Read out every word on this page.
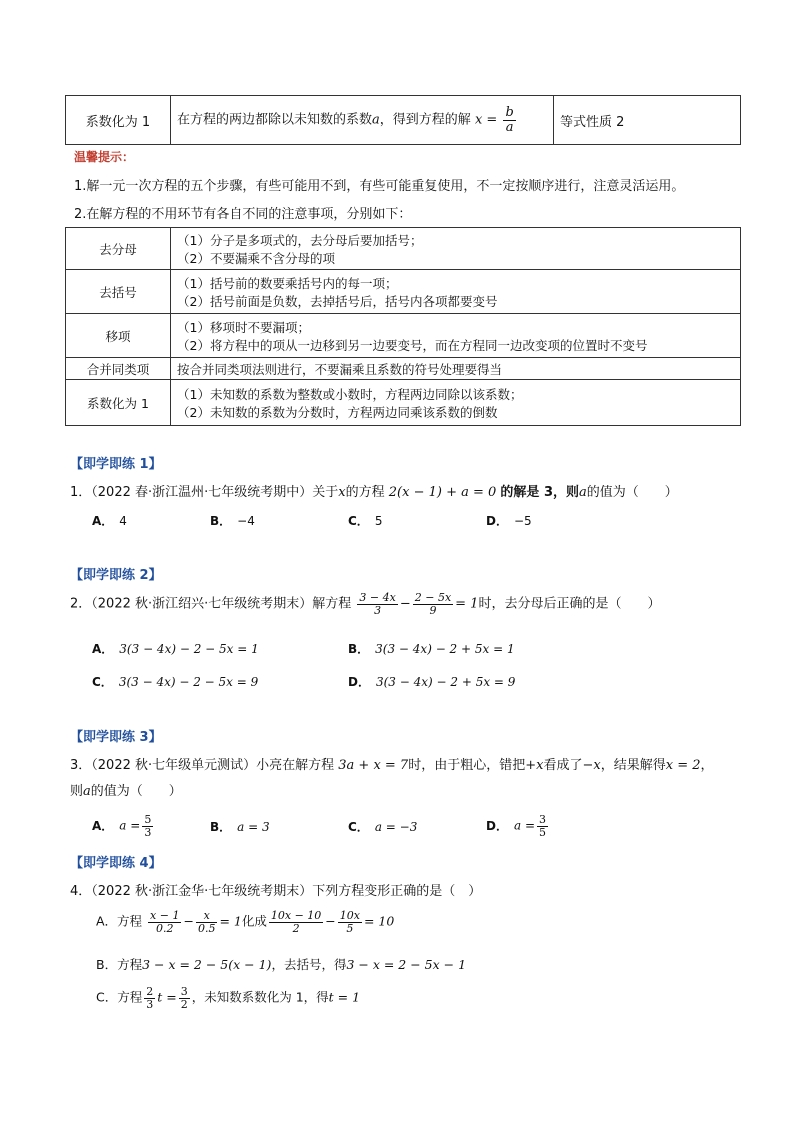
系数化为 1	在方程的两边都除以未知数的系数a，得到方程的解 $x = \frac{b}{a}$	等式性质 2
温馨提示：
1.解一元一次方程的五个步骤，有些可能用不到，有些可能重复使用，不一定按顺序进行，注意灵活运用。
2.在解方程的不用环节有各自不同的注意事项，分别如下：
去分母	（1）分子是多项式的，去分母后要加括号；
（2）不要漏乘不含分母的项

去括号	（1）括号前的数要乘括号内的每一项；
（2）括号前面是负数，去掉括号后，括号内各项都要变号

移项	（1）移项时不要漏项；
（2）将方程中的项从一边移到另一边要变号，而在方程同一边改变项的位置时不变号

合并同类项	按合并同类项法则进行，不要漏乘且系数的符号处理要得当

系数化为 1	（1）未知数的系数为整数或小数时，方程两边同除以该系数；
（2）未知数的系数为分数时，方程两边同乘该系数的倒数
【即学即练 1】
1．（2022 春·浙江温州·七年级统考期中）关于x的方程 2(x − 1) + a = 0 的解是 3，则a的值为（　　）
A． 4	B． −4	C． 5	D． −5
【即学即练 2】
2．（2022 秋·浙江绍兴·七年级统考期末）解方程 $\frac{3 - 4x}{3} - \frac{2 - 5x}{9} = 1$时，去分母后正确的是（　　）
A． 3(3 − 4x) − 2 − 5x = 1	B． 3(3 − 4x) − 2 + 5x = 1
C． 3(3 − 4x) − 2 − 5x = 9	D． 3(3 − 4x) − 2 + 5x = 9
【即学即练 3】
3．（2022 秋·七年级单元测试）小亮在解方程 3a + x = 7时，由于粗心，错把+x看成了−x，结果解得x = 2，
则a的值为（　　）
A． $a = \frac{5}{3}$	B． a = 3	C． a = −3	D． $a = \frac{3}{5}$
【即学即练 4】
4．（2022 秋·浙江金华·七年级统考期末）下列方程变形正确的是（　）
A．方程 $\frac{x - 1}{0.2} - \frac{x}{0.5} = 1$化成 $\frac{10x - 10}{2} - \frac{10x}{5} = 10$
B．方程3 − x = 2 − 5(x − 1)，去括号，得3 − x = 2 − 5x − 1
C．方程 $\frac{2}{3}$ $t = \frac{3}{2}$ ，未知数系数化为 1，得t = 1
